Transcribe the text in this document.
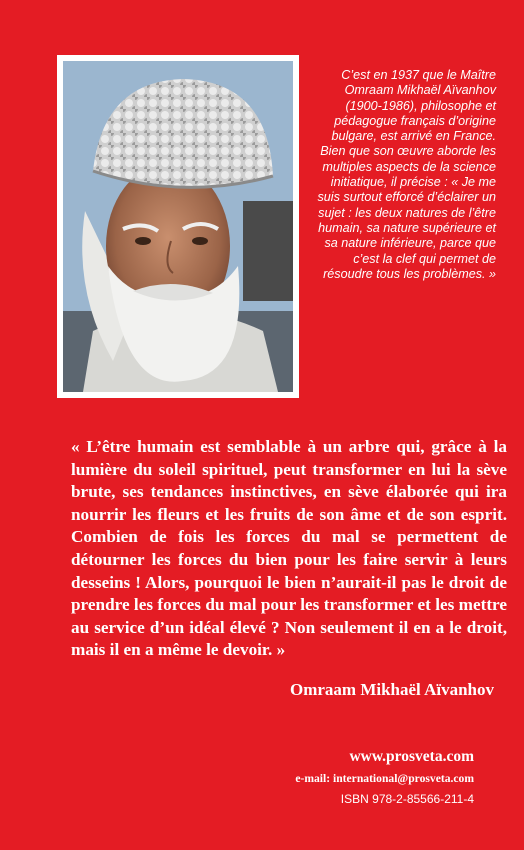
C’est en 1937 que le Maître Omraam Mikhaël Aïvanhov (1900-1986), philosophe et pédagogue français d’origine bulgare, est arrivé en France. Bien que son œuvre aborde les multiples aspects de la science initiatique, il précise : « Je me suis surtout efforcé d’éclairer un sujet : les deux natures de l’être humain, sa nature supérieure et sa nature inférieure, parce que c’est la clef qui permet de résoudre tous les problèmes. »

« L’être humain est semblable à un arbre qui, grâce à la lumière du soleil spirituel, peut transformer en lui la sève brute, ses tendances instinctives, en sève élaborée qui ira nourrir les fleurs et les fruits de son âme et de son esprit. Combien de fois les forces du mal se permettent de détourner les forces du bien pour les faire servir à leurs desseins ! Alors, pourquoi le bien n’aurait-il pas le droit de prendre les forces du mal pour les transformer et les mettre au service d’un idéal élevé ? Non seulement il en a le droit, mais il en a même le devoir. »

Omraam Mikhaël Aïvanhov

www.prosveta.com
e-mail: international@prosveta.com
ISBN 978-2-85566-211-4
